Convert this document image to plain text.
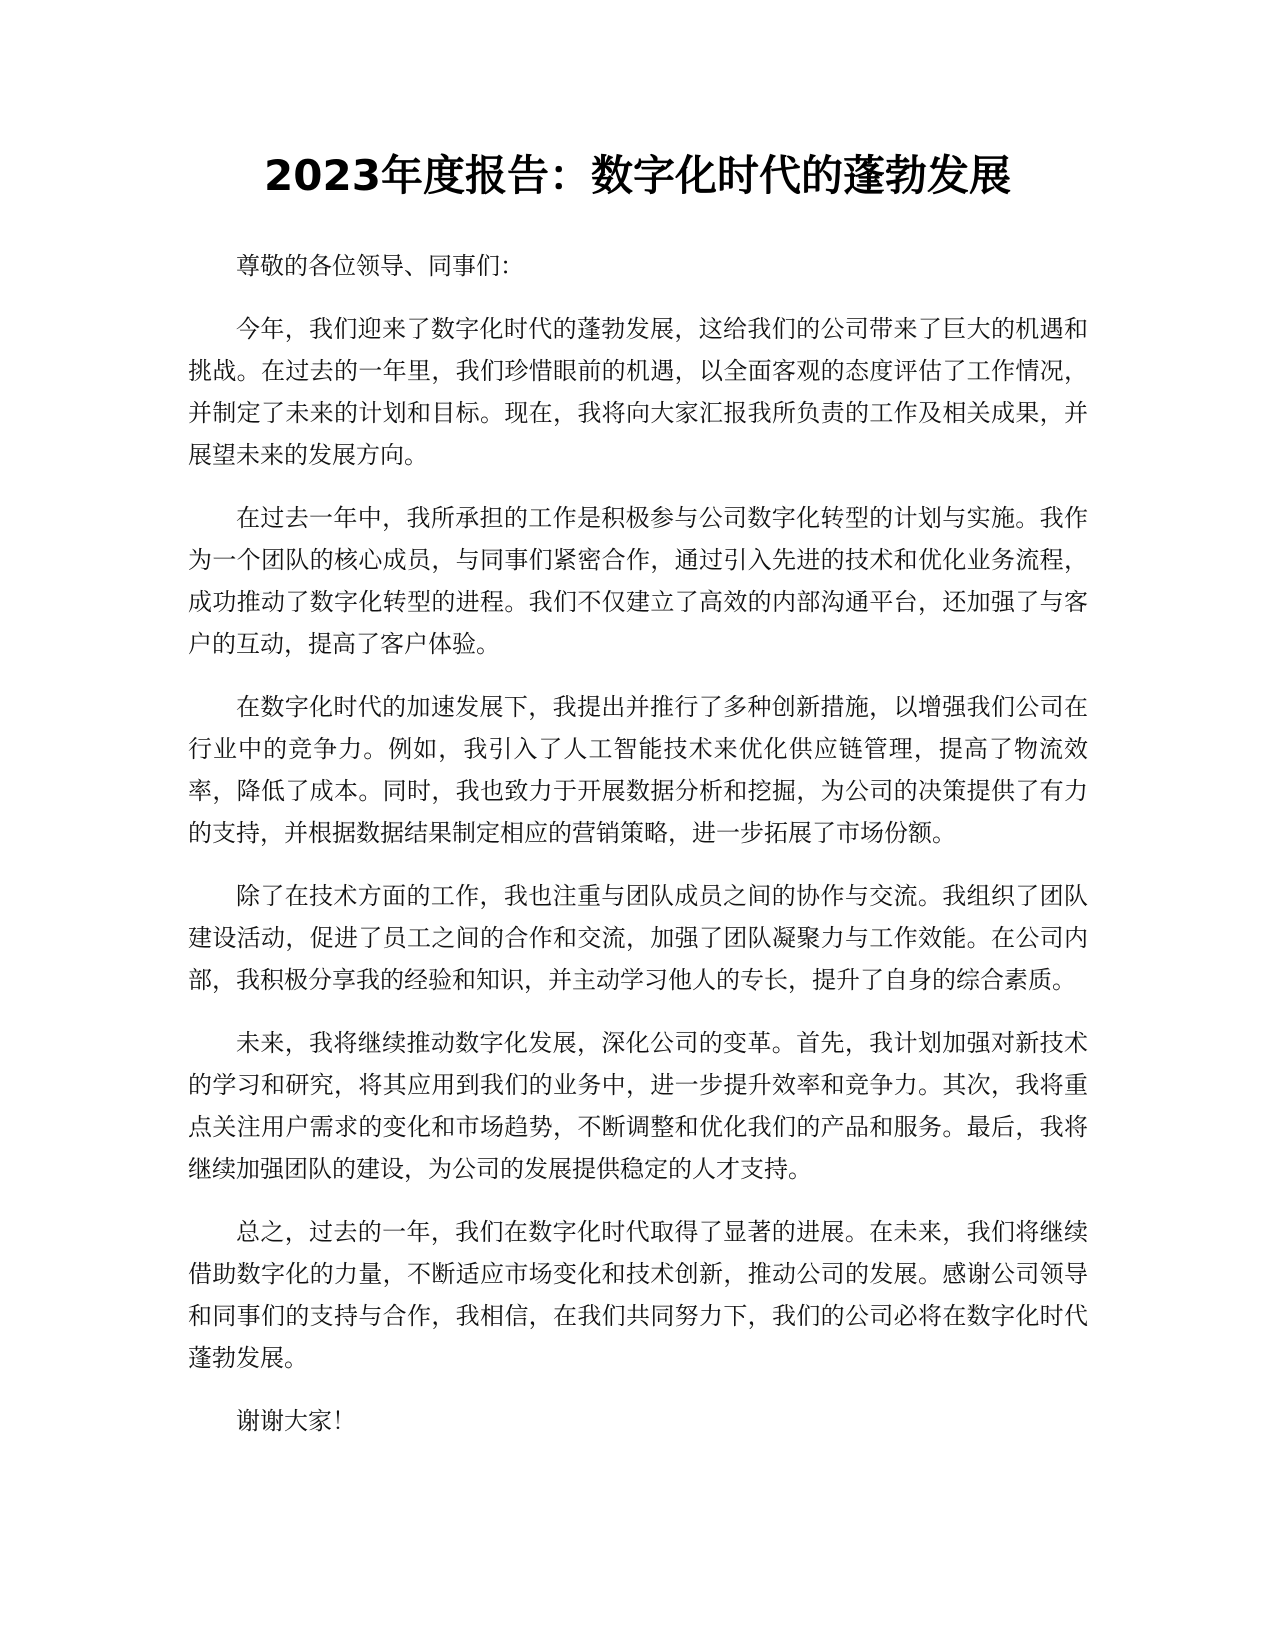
2023年度报告：数字化时代的蓬勃发展

尊敬的各位领导、同事们：

今年，我们迎来了数字化时代的蓬勃发展，这给我们的公司带来了巨大的机遇和挑战。在过去的一年里，我们珍惜眼前的机遇，以全面客观的态度评估了工作情况，并制定了未来的计划和目标。现在，我将向大家汇报我所负责的工作及相关成果，并展望未来的发展方向。

在过去一年中，我所承担的工作是积极参与公司数字化转型的计划与实施。我作为一个团队的核心成员，与同事们紧密合作，通过引入先进的技术和优化业务流程，成功推动了数字化转型的进程。我们不仅建立了高效的内部沟通平台，还加强了与客户的互动，提高了客户体验。

在数字化时代的加速发展下，我提出并推行了多种创新措施，以增强我们公司在行业中的竞争力。例如，我引入了人工智能技术来优化供应链管理，提高了物流效率，降低了成本。同时，我也致力于开展数据分析和挖掘，为公司的决策提供了有力的支持，并根据数据结果制定相应的营销策略，进一步拓展了市场份额。

除了在技术方面的工作，我也注重与团队成员之间的协作与交流。我组织了团队建设活动，促进了员工之间的合作和交流，加强了团队凝聚力与工作效能。在公司内部，我积极分享我的经验和知识，并主动学习他人的专长，提升了自身的综合素质。

未来，我将继续推动数字化发展，深化公司的变革。首先，我计划加强对新技术的学习和研究，将其应用到我们的业务中，进一步提升效率和竞争力。其次，我将重点关注用户需求的变化和市场趋势，不断调整和优化我们的产品和服务。最后，我将继续加强团队的建设，为公司的发展提供稳定的人才支持。

总之，过去的一年，我们在数字化时代取得了显著的进展。在未来，我们将继续借助数字化的力量，不断适应市场变化和技术创新，推动公司的发展。感谢公司领导和同事们的支持与合作，我相信，在我们共同努力下，我们的公司必将在数字化时代蓬勃发展。

谢谢大家！
